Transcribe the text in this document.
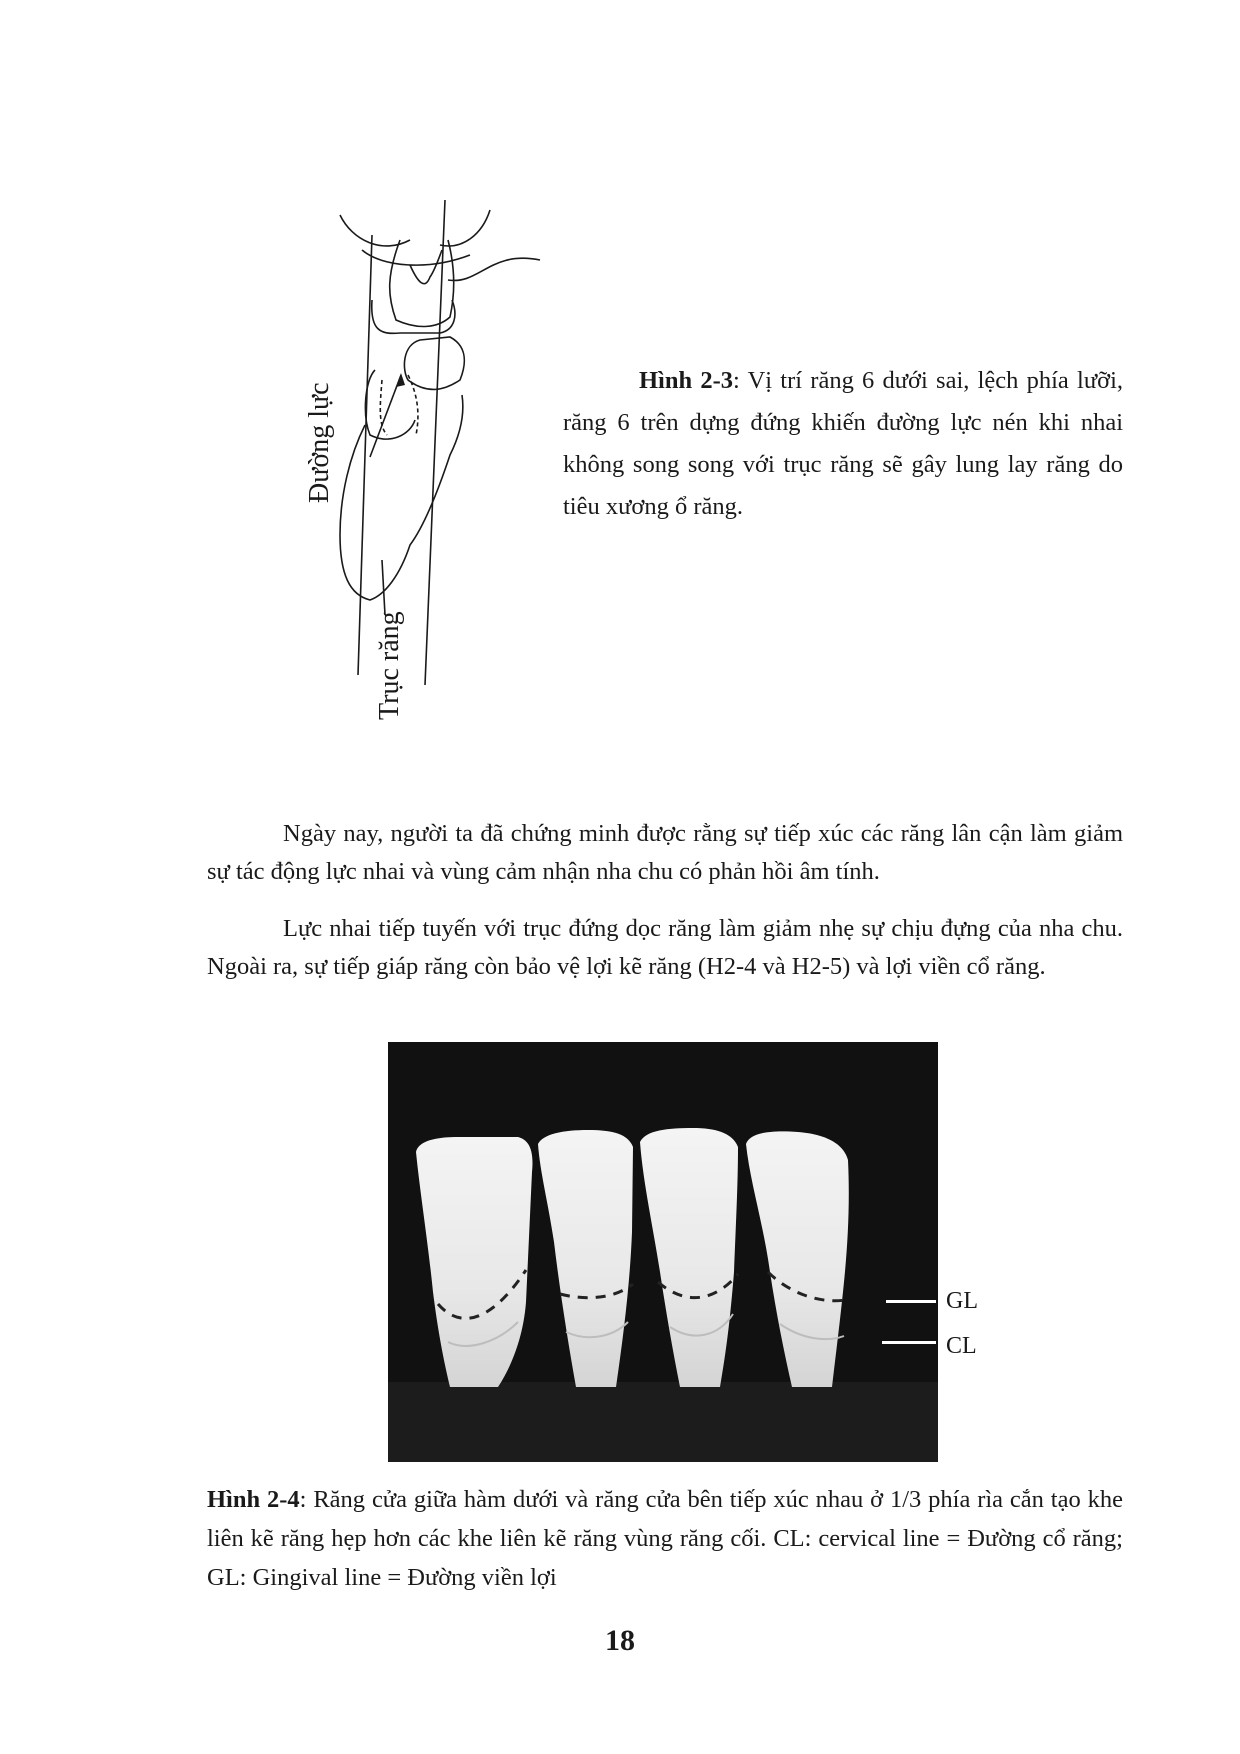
Đường lực
Trục răng

Hình 2-3: Vị trí răng 6 dưới sai, lệch phía lưỡi, răng 6 trên dựng đứng khiến đường lực nén khi nhai không song song với trục răng sẽ gây lung lay răng do tiêu xương ổ răng.

Ngày nay, người ta đã chứng minh được rằng sự tiếp xúc các răng lân cận làm giảm sự tác động lực nhai và vùng cảm nhận nha chu có phản hồi âm tính.

Lực nhai tiếp tuyến với trục đứng dọc răng làm giảm nhẹ sự chịu đựng của nha chu. Ngoài ra, sự tiếp giáp răng còn bảo vệ lợi kẽ răng (H2-4 và H2-5) và lợi viền cổ răng.

GL
CL

Hình 2-4: Răng cửa giữa hàm dưới và răng cửa bên tiếp xúc nhau ở 1/3 phía rìa cắn tạo khe liên kẽ răng hẹp hơn các khe liên kẽ răng vùng răng cối. CL: cervical line = Đường cổ răng; GL: Gingival line = Đường viền lợi

18
